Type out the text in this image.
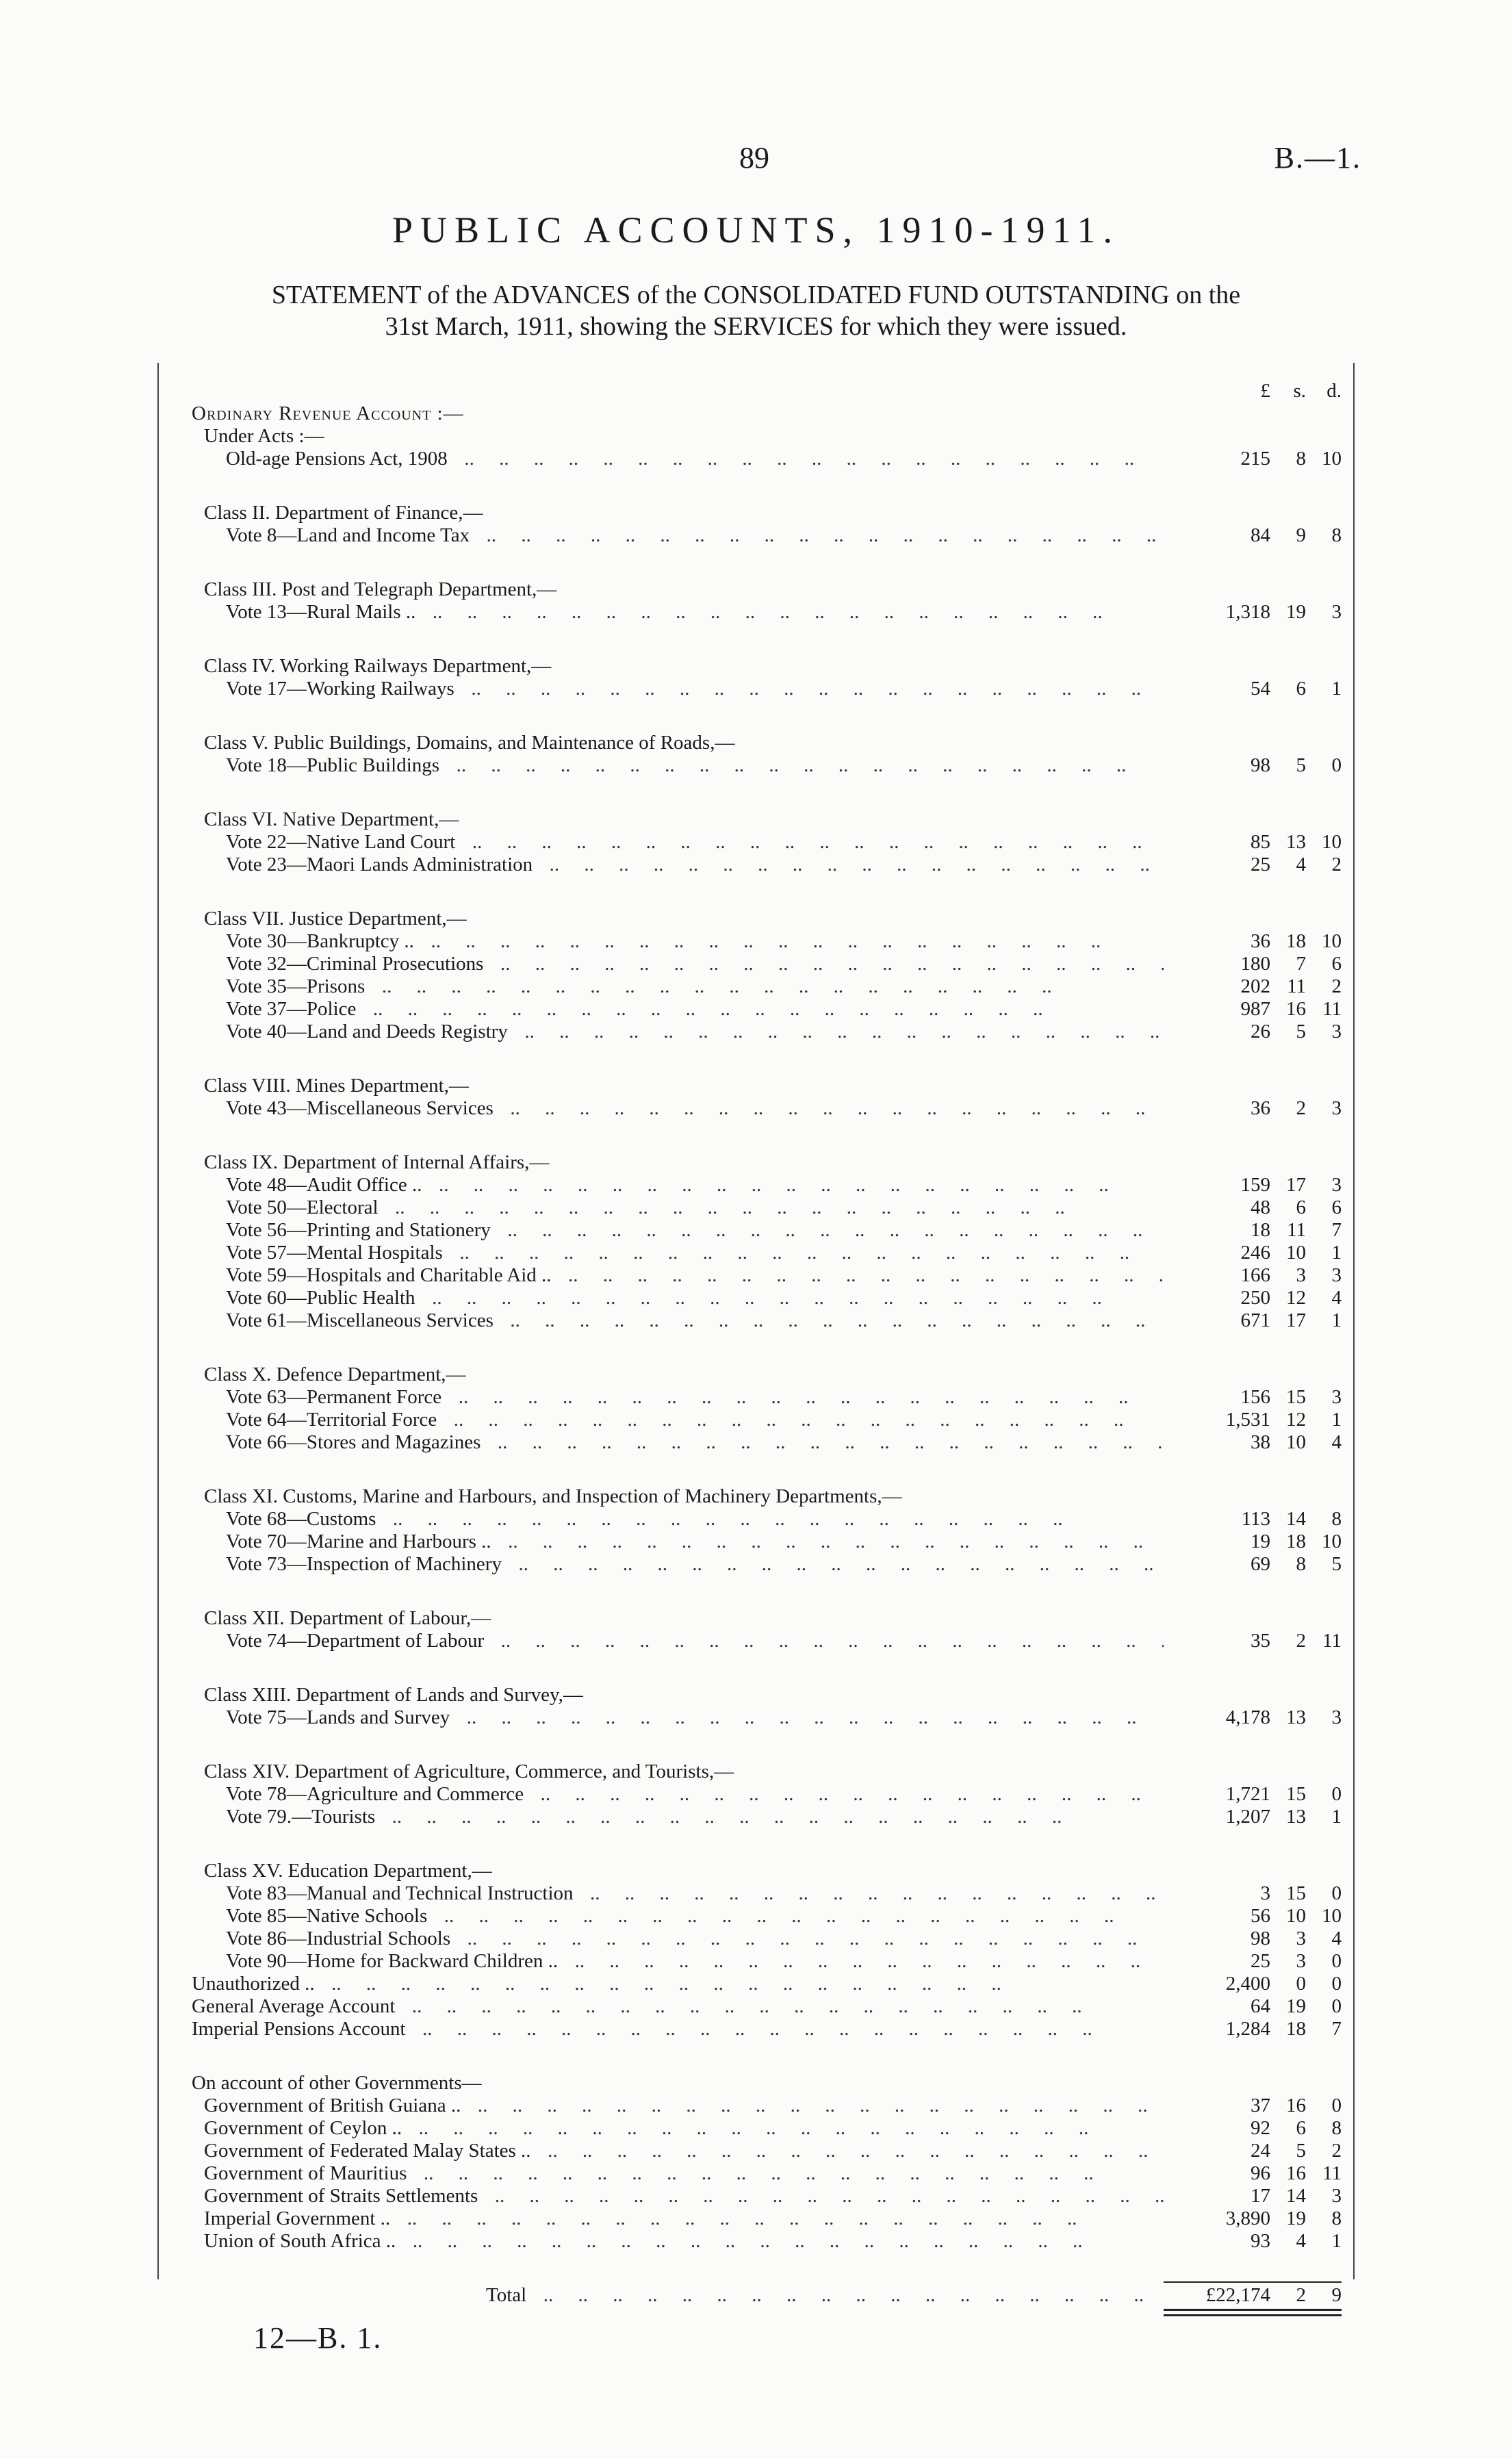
89	B.—1.
PUBLIC ACCOUNTS, 1910-1911.
STATEMENT of the ADVANCES of the CONSOLIDATED FUND OUTSTANDING on the
31st March, 1911, showing the SERVICES for which they were issued.
£	s.	d.
Ordinary Revenue Account :—
Under Acts :—
Old-age Pensions Act, 1908 ..	215	8 10
Class II. Department of Finance,—
Vote 8—Land and Income Tax ..	84	9	8
Class III. Post and Telegraph Department,—
Vote 13—Rural Mails .. ..	1,318 19	3
Class IV. Working Railways Department,—
Vote 17—Working Railways ..	54	6	1
Class V. Public Buildings, Domains, and Maintenance of Roads,—
Vote 18—Public Buildings ..	98	5	0
Class VI. Native Department,—
Vote 22—Native Land Court ..	85 13 10
Vote 23—Maori Lands Administration ..	25	4	2
Class VII. Justice Department,—
Vote 30—Bankruptcy .. ..	36 18 10
Vote 32—Criminal Prosecutions ..	180	7	6
Vote 35—Prisons ..	202 11	2
Vote 37—Police ..	987 16 11
Vote 40—Land and Deeds Registry ..	26	5	3
Class VIII. Mines Department,—
Vote 43—Miscellaneous Services ..	36	2	3
Class IX. Department of Internal Affairs,—
Vote 48—Audit Office .. ..	159 17	3
Vote 50—Electoral ..	48	6	6
Vote 56—Printing and Stationery ..	18 11	7
Vote 57—Mental Hospitals ..	246 10	1
Vote 59—Hospitals and Charitable Aid .. ..	166	3	3
Vote 60—Public Health ..	250 12	4
Vote 61—Miscellaneous Services ..	671 17	1
Class X. Defence Department,—
Vote 63—Permanent Force ..	156 15	3
Vote 64—Territorial Force ..	1,531 12	1
Vote 66—Stores and Magazines ..	38 10	4
Class XI. Customs, Marine and Harbours, and Inspection of Machinery Departments,—
Vote 68—Customs ..	113 14	8
Vote 70—Marine and Harbours .. ..	19 18 10
Vote 73—Inspection of Machinery ..	69	8	5
Class XII. Department of Labour,—
Vote 74—Department of Labour ..	35	2 11
Class XIII. Department of Lands and Survey,—
Vote 75—Lands and Survey ..	4,178 13	3
Class XIV. Department of Agriculture, Commerce, and Tourists,—
Vote 78—Agriculture and Commerce ..	1,721 15	0
Vote 79.—Tourists ..	1,207 13	1
Class XV. Education Department,—
Vote 83—Manual and Technical Instruction ..	3 15	0
Vote 85—Native Schools ..	56 10 10
Vote 86—Industrial Schools ..	98	3	4
Vote 90—Home for Backward Children .. ..	25	3	0
Unauthorized .. ..	2,400	0	0
General Average Account ..	64 19	0
Imperial Pensions Account ..	1,284 18	7
On account of other Governments—
Government of British Guiana .. ..	37 16	0
Government of Ceylon .. ..	92	6	8
Government of Federated Malay States .. ..	24	5	2
Government of Mauritius ..	96 16 11
Government of Straits Settlements ..	17 14	3
Imperial Government .. ..	3,890 19	8
Union of South Africa .. ..	93	4	1
Total ..	£22,174	2	9
12—B. 1.
